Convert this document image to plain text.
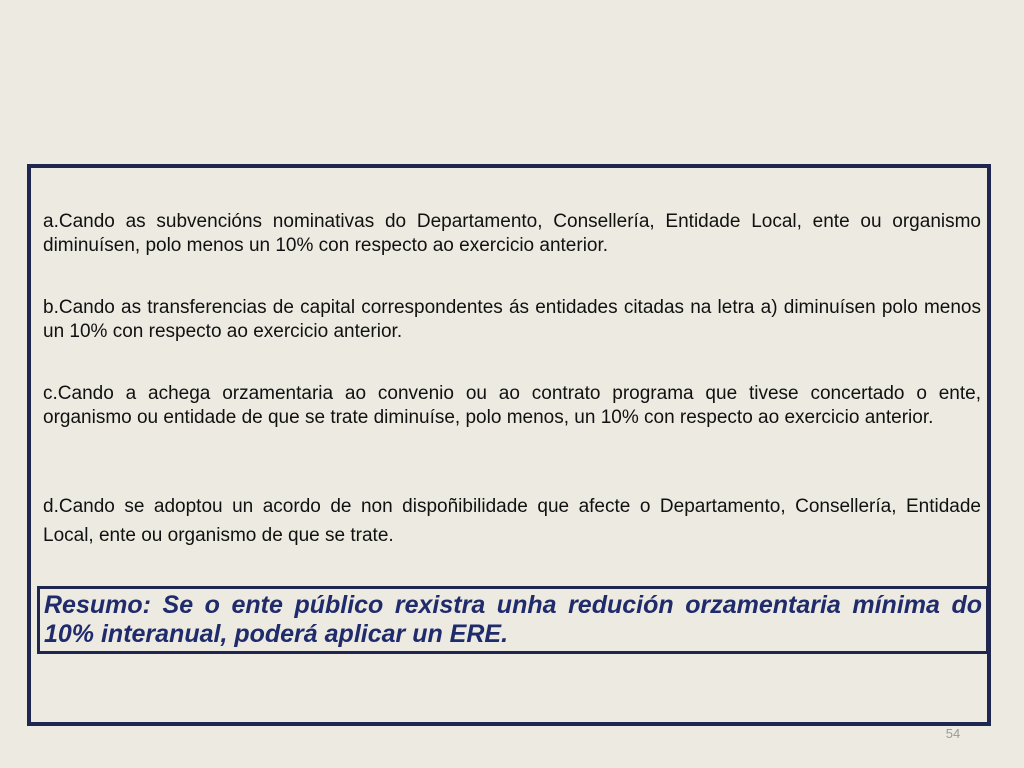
a.Cando as subvencións nominativas do Departamento, Consellería, Entidade Local, ente ou organismo diminuísen, polo menos un 10% con respecto ao exercicio anterior.

b.Cando as transferencias de capital correspondentes ás entidades citadas na letra a) diminuísen polo menos un 10% con respecto ao exercicio anterior.

c.Cando a achega orzamentaria ao convenio ou ao contrato programa que tivese concertado o ente, organismo ou entidade de que se trate diminuíse, polo menos, un 10% con respecto ao exercicio anterior.

d.Cando se adoptou un acordo de non dispoñibilidade que afecte o Departamento, Consellería, Entidade Local, ente ou organismo de que se trate.

Resumo: Se o ente público rexistra unha redución orzamentaria mínima do 10% interanual, poderá aplicar un ERE.

54
